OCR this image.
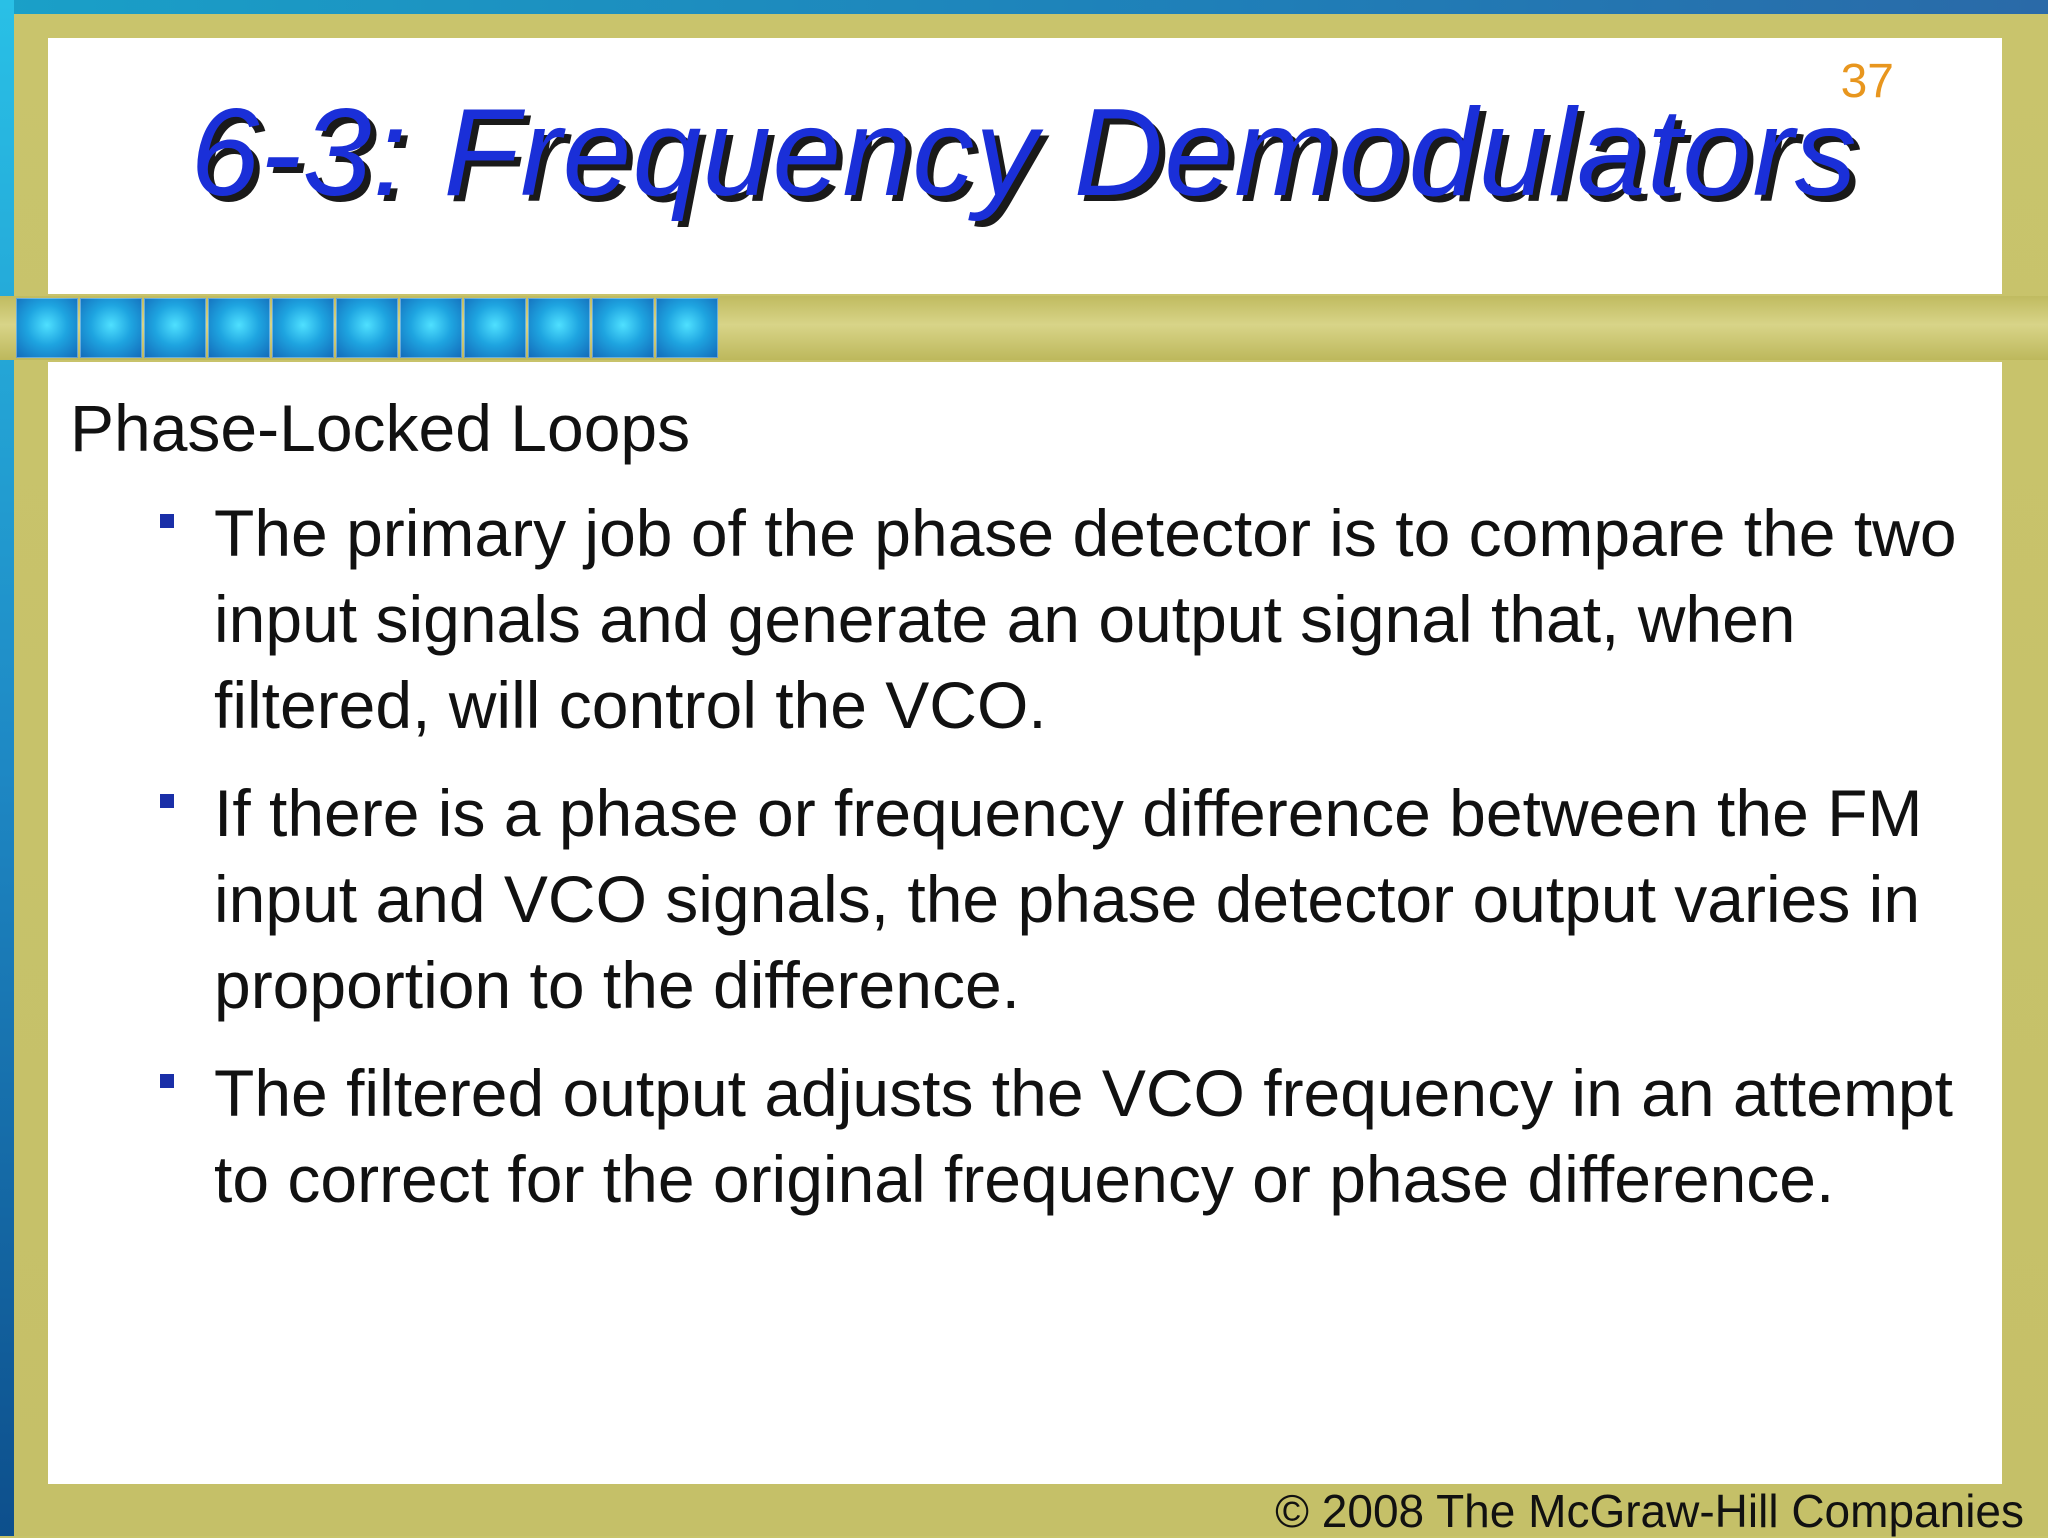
37
6-3: Frequency Demodulators
Phase-Locked Loops
The primary job of the phase detector is to compare the two input signals and generate an output signal that, when filtered, will control the VCO.
If there is a phase or frequency difference between the FM input and VCO signals, the phase detector output varies in proportion to the difference.
The filtered output adjusts the VCO frequency in an attempt to correct for the original frequency or phase difference.
© 2008 The McGraw-Hill Companies
